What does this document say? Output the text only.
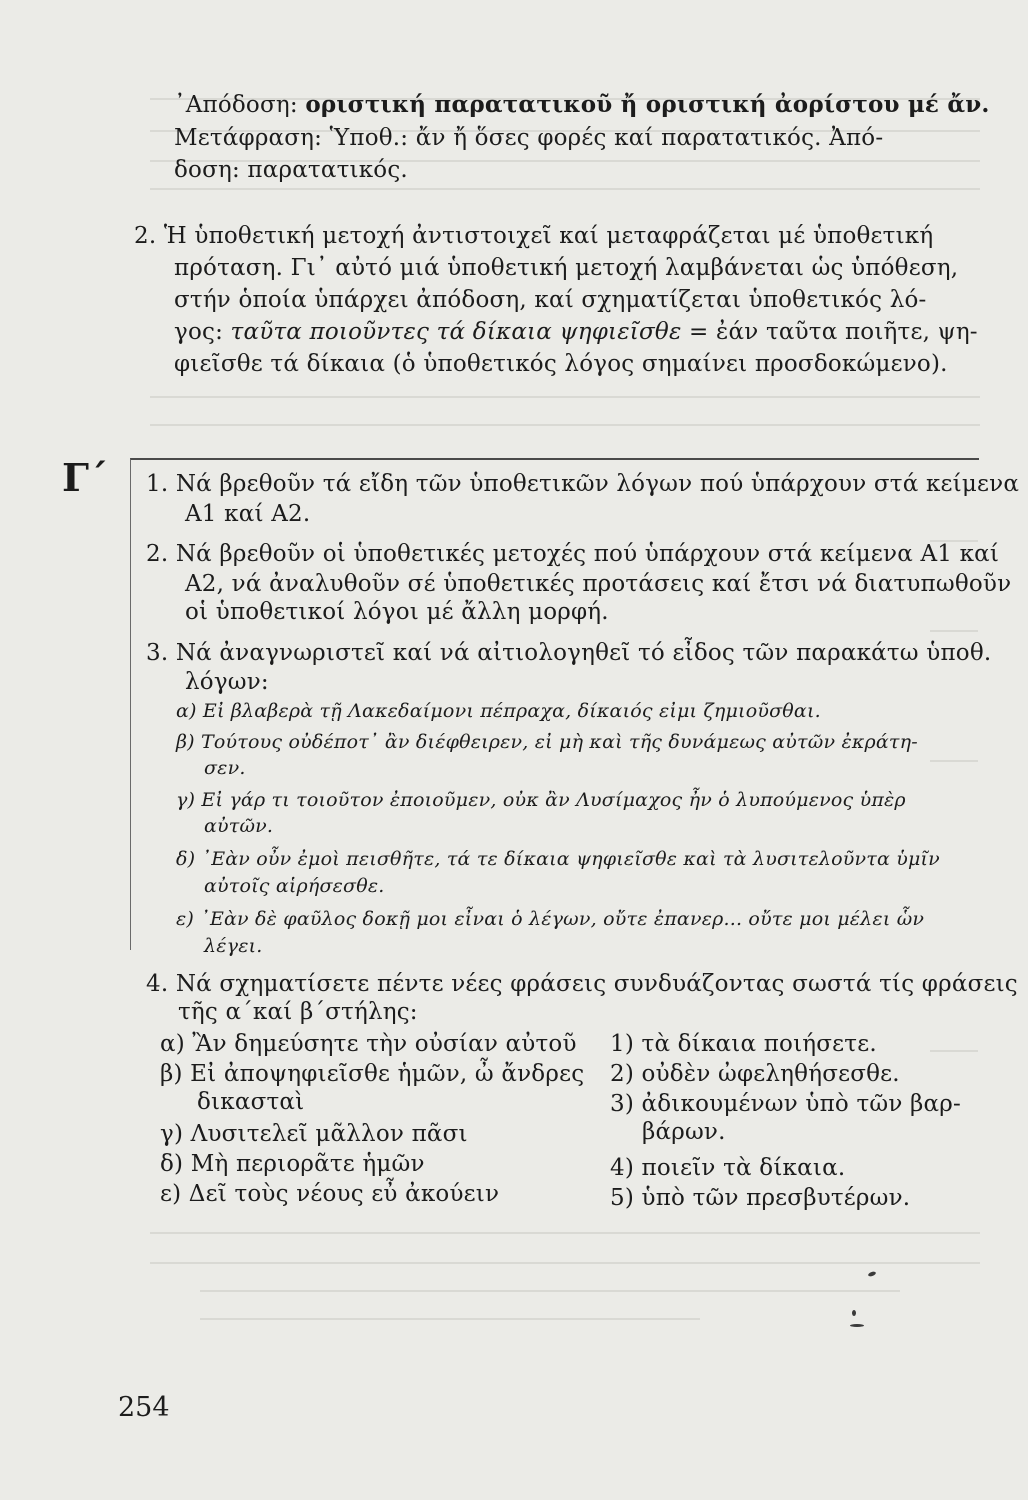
᾿Απόδοση: οριστική παρατατικοῦ ἤ οριστική ἀορίστου μέ ἄν.
Μετάφραση: Ὑποθ.: ἄν ἤ ὅσες φορές καί παρατατικός. Ἀπό-
δοση: παρατατικός.
2. Ἡ ὑποθετική μετοχή ἀντιστοιχεῖ καί μεταφράζεται μέ ὑποθετική
πρόταση. Γι᾿ αὐτό μιά ὑποθετική μετοχή λαμβάνεται ὡς ὑπόθεση,
στήν ὁποία ὑπάρχει ἀπόδοση, καί σχηματίζεται ὑποθετικός λό-
γος: ταῦτα ποιοῦντες τά δίκαια ψηφιεῖσθε = ἐάν ταῦτα ποιῆτε, ψη-
φιεῖσθε τά δίκαια (ὁ ὑποθετικός λόγος σημαίνει προσδοκώμενο).
Γ΄ 1. Νά βρεθοῦν τά εἴδη τῶν ὑποθετικῶν λόγων πού ὑπάρχουν στά κείμενα
Α1 καί Α2.
2. Νά βρεθοῦν οἱ ὑποθετικές μετοχές πού ὑπάρχουν στά κείμενα Α1 καί
Α2, νά ἀναλυθοῦν σέ ὑποθετικές προτάσεις καί ἔτσι νά διατυπωθοῦν
οἱ ὑποθετικοί λόγοι μέ ἄλλη μορφή.
3. Νά ἀναγνωριστεῖ καί νά αἰτιολογηθεῖ τό εἶδος τῶν παρακάτω ὑποθ.
λόγων:
α) Εἰ βλαβερὰ τῇ Λακεδαίμονι πέπραχα, δίκαιός εἰμι ζημιοῦσθαι.
β) Τούτους οὐδέποτ᾿ ἂν διέφθειρεν, εἰ μὴ καὶ τῆς δυνάμεως αὐτῶν ἐκράτη-
σεν.
γ) Εἰ γάρ τι τοιοῦτον ἐποιοῦμεν, οὐκ ἂν Λυσίμαχος ἦν ὁ λυπούμενος ὑπὲρ
αὐτῶν.
δ) ᾿Εὰν οὖν ἐμοὶ πεισθῆτε, τά τε δίκαια ψηφιεῖσθε καὶ τὰ λυσιτελοῦντα ὑμῖν
αὐτοῖς αἱρήσεσθε.
ε) ᾿Εὰν δὲ φαῦλος δοκῇ μοι εἶναι ὁ λέγων, οὔτε ἐπανερ... οὔτε μοι μέλει ὧν
λέγει.
4. Νά σχηματίσετε πέντε νέες φράσεις συνδυάζοντας σωστά τίς φράσεις
τῆς α΄καί β΄στήλης:
α) Ἂν δημεύσητε τὴν οὐσίαν αὐτοῦ
β) Εἰ ἀποψηφιεῖσθε ἡμῶν, ὦ ἄνδρες
δικασταὶ
γ) Λυσιτελεῖ μᾶλλον πᾶσι
δ) Μὴ περιορᾶτε ἡμῶν
ε) Δεῖ τοὺς νέους εὖ ἀκούειν
1) τὰ δίκαια ποιήσετε.
2) οὐδὲν ὠφεληθήσεσθε.
3) ἀδικουμένων ὑπὸ τῶν βαρ-
βάρων.
4) ποιεῖν τὰ δίκαια.
5) ὑπὸ τῶν πρεσβυτέρων.
254
